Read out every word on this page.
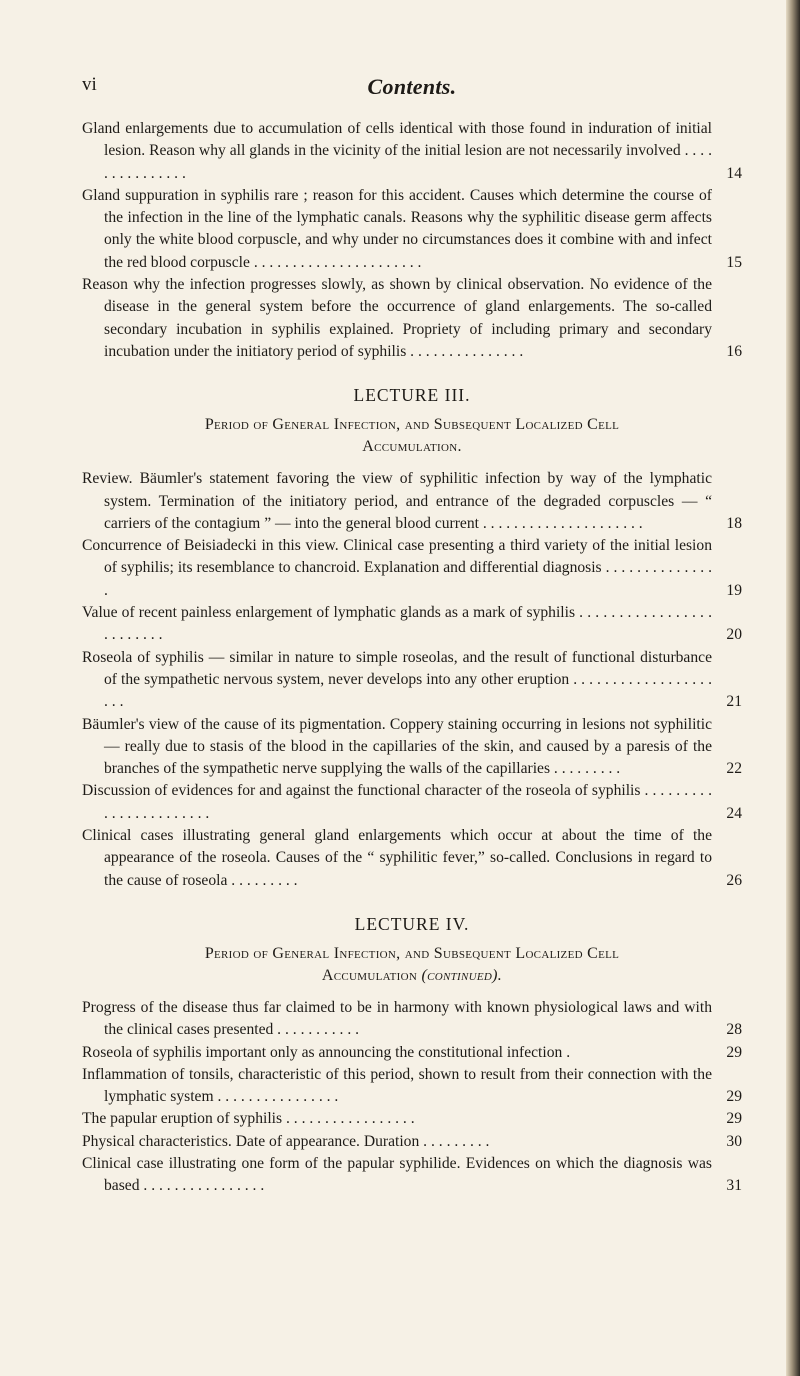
vi	Contents.
Gland enlargements due to accumulation of cells identical with those found in induration of initial lesion. Reason why all glands in the vicinity of the initial lesion are not necessarily involved . . . . . . . . . . . . . . .	14
Gland suppuration in syphilis rare ; reason for this accident. Causes which determine the course of the infection in the line of the lymphatic canals. Reasons why the syphilitic disease germ affects only the white blood corpuscle, and why under no circumstances does it combine with and infect the red blood corpuscle . . . . . . . . . . . . . . . . . . . . . .	15
Reason why the infection progresses slowly, as shown by clinical observation. No evidence of the disease in the general system before the occurrence of gland enlargements. The so-called secondary incubation in syphilis explained. Propriety of including primary and secondary incubation under the initiatory period of syphilis . . . . . . . . . . . . . . .	16
LECTURE III.
Period of General Infection, and Subsequent Localized Cell
Accumulation.
Review. Bäumler's statement favoring the view of syphilitic infection by way of the lymphatic system. Termination of the initiatory period, and entrance of the degraded corpuscles — “ carriers of the contagium ” — into the general blood current . . . . . . . . . . . . . . . . . . . . .	18
Concurrence of Beisiadecki in this view. Clinical case presenting a third variety of the initial lesion of syphilis; its resemblance to chancroid. Explanation and differential diagnosis . . . . . . . . . . . . . . .	19
Value of recent painless enlargement of lymphatic glands as a mark of syphilis . . . . . . . . . . . . . . . . . . . . . . . . .	20
Roseola of syphilis — similar in nature to simple roseolas, and the result of functional disturbance of the sympathetic nervous system, never develops into any other eruption . . . . . . . . . . . . . . . . . . . . .	21
Bäumler's view of the cause of its pigmentation. Coppery staining occurring in lesions not syphilitic — really due to stasis of the blood in the capillaries of the skin, and caused by a paresis of the branches of the sympathetic nerve supplying the walls of the capillaries . . . . . . . . .	22
Discussion of evidences for and against the functional character of the roseola of syphilis . . . . . . . . . . . . . . . . . . . . . . .	24
Clinical cases illustrating general gland enlargements which occur at about the time of the appearance of the roseola. Causes of the “ syphilitic fever,” so-called. Conclusions in regard to the cause of roseola . . . . . . . . .	26
LECTURE IV.
Period of General Infection, and Subsequent Localized Cell
Accumulation (continued).
Progress of the disease thus far claimed to be in harmony with known physiological laws and with the clinical cases presented . . . . . . . . . . .	28
Roseola of syphilis important only as announcing the constitutional infection .	29
Inflammation of tonsils, characteristic of this period, shown to result from their connection with the lymphatic system . . . . . . . . . . . . . . . .	29
The papular eruption of syphilis . . . . . . . . . . . . . . . . .	29
Physical characteristics. Date of appearance. Duration . . . . . . . . .	30
Clinical case illustrating one form of the papular syphilide. Evidences on which the diagnosis was based . . . . . . . . . . . . . . . .	31
